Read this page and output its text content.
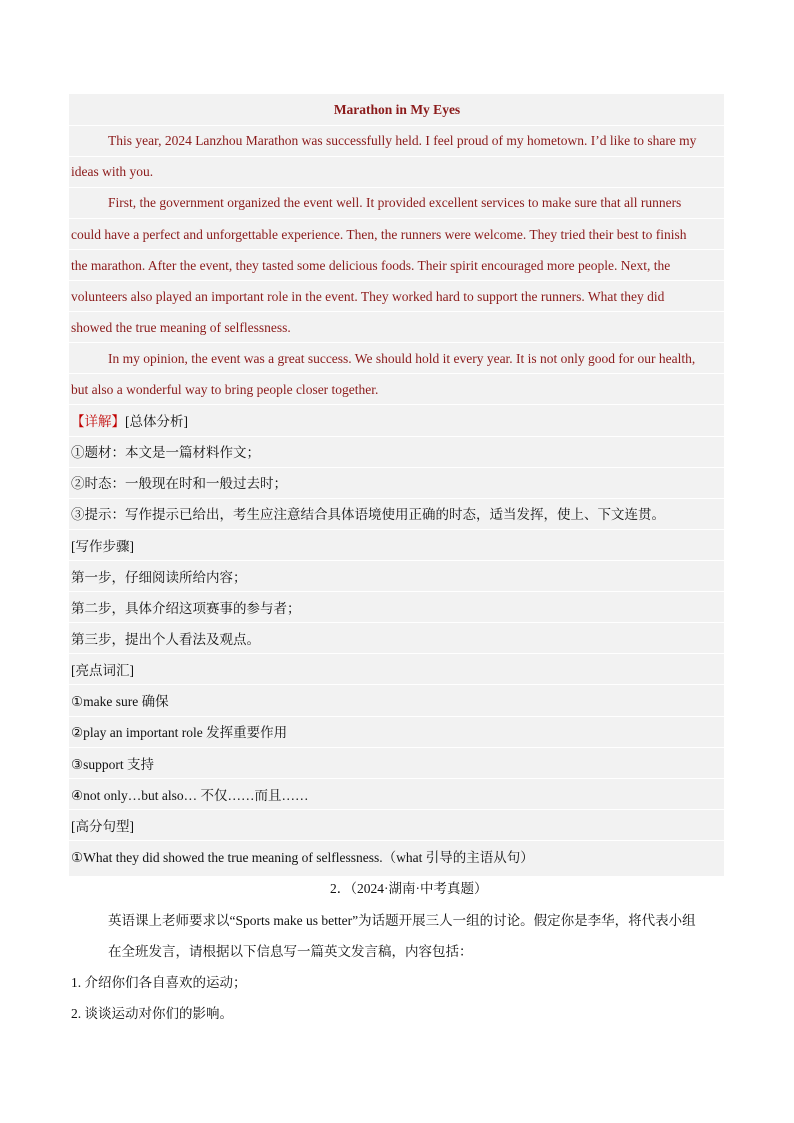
Marathon in My Eyes
This year, 2024 Lanzhou Marathon was successfully held. I feel proud of my hometown. I’d like to share my
ideas with you.
First, the government organized the event well. It provided excellent services to make sure that all runners
could have a perfect and unforgettable experience. Then, the runners were welcome. They tried their best to finish
the marathon. After the event, they tasted some delicious foods. Their spirit encouraged more people. Next, the
volunteers also played an important role in the event. They worked hard to support the runners. What they did
showed the true meaning of selflessness.
In my opinion, the event was a great success. We should hold it every year. It is not only good for our health,
but also a wonderful way to bring people closer together.
【详解】[总体分析]
①题材：本文是一篇材料作文；
②时态：一般现在时和一般过去时；
③提示：写作提示已给出，考生应注意结合具体语境使用正确的时态，适当发挥，使上、下文连贯。
[写作步骤]
第一步，仔细阅读所给内容；
第二步，具体介绍这项赛事的参与者；
第三步，提出个人看法及观点。
[亮点词汇]
①make sure 确保
②play an important role 发挥重要作用
③support 支持
④not only…but also… 不仅……而且……
[高分句型]
①What they did showed the true meaning of selflessness.（what 引导的主语从句）
2．（2024·湖南·中考真题）
英语课上老师要求以“Sports make us better”为话题开展三人一组的讨论。假定你是李华，将代表小组
在全班发言，请根据以下信息写一篇英文发言稿，内容包括：
1. 介绍你们各自喜欢的运动；
2. 谈谈运动对你们的影响。
